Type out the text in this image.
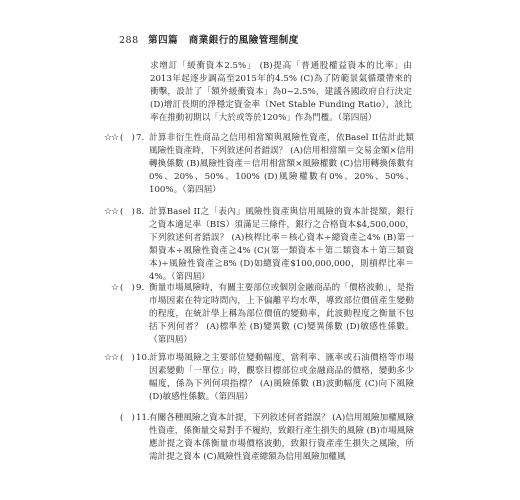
288 第四篇 商業銀行的風險管理制度
求增訂「緩衝資本2.5%」 (B)提高「普通股權益資本的比率」由2013年起逐步調高至2015年的4.5% (C)為了防範景氣循環帶來的衝擊，設計了「額外緩衝資本」為0~2.5%，建議各國政府自行決定 (D)增訂長期的淨穩定資金率（Net Stable Funding Ratio），該比率在推動初期以「大於或等於120%」作為門檻。（第四屆）
☆☆ (   ) 7. 計算非衍生性商品之信用相當額與風險性資產，依Basel II估計此類風險性資產時，下列敘述何者錯誤？ (A)信用相當額＝交易金額×信用轉換係數 (B)風險性資產＝信用相當額×風險權數 (C)信用轉換係數有0%、20%、50%、100% (D)風險權數有0%、20%、50%、100%。（第四屆）
☆☆ (   ) 8. 計算Basel II之「表內」風險性資產與信用風險的資本計提額，銀行之資本適足率（BIS）須滿足三條件，銀行之合格資本$4,500,000，下列敘述何者錯誤？ (A)核桿比率＝核心資本÷總資產≧4% (B)第一類資本÷風險性資產≧4% (C)(第一類資本＋第二類資本＋第三類資本)÷風險性資產≧8% (D)如總資產$100,000,000，則槓桿比率＝4%。（第四屆）
☆ (   ) 9. 衡量市場風險時，有關主要部位或個別金融商品的「價格波動」，是指市場因素在特定時間內，上下偏離平均水準，導致部位價值產生變動的程度，在統計學上稱為部位價值的變動率，此波動程度之衡量不包括下列何者？ (A)標準差 (B)變異數 (C)變異係數 (D)敏感性係數。（第四屆）
☆☆ (   ) 10. 計算市場風險之主要部位變動幅度，當利率、匯率或石油價格等市場因素變動「一單位」時，觀察目標部位或金融商品的價格，變動多少幅度，係為下列何項指標？ (A)風險係數 (B)波動幅度 (C)向下風險 (D)敏感性係數。（第四屆）
(   ) 11. 有關各種風險之資本計提，下列敘述何者錯誤？ (A)信用風險加權風險性資產，係衡量交易對手不履約，致銀行產生損失的風險 (B)市場風險應計提之資本係衡量市場價格波動，致銀行資產產生損失之風險，所需計提之資本 (C)風險性資產總額為信用風險加權風
